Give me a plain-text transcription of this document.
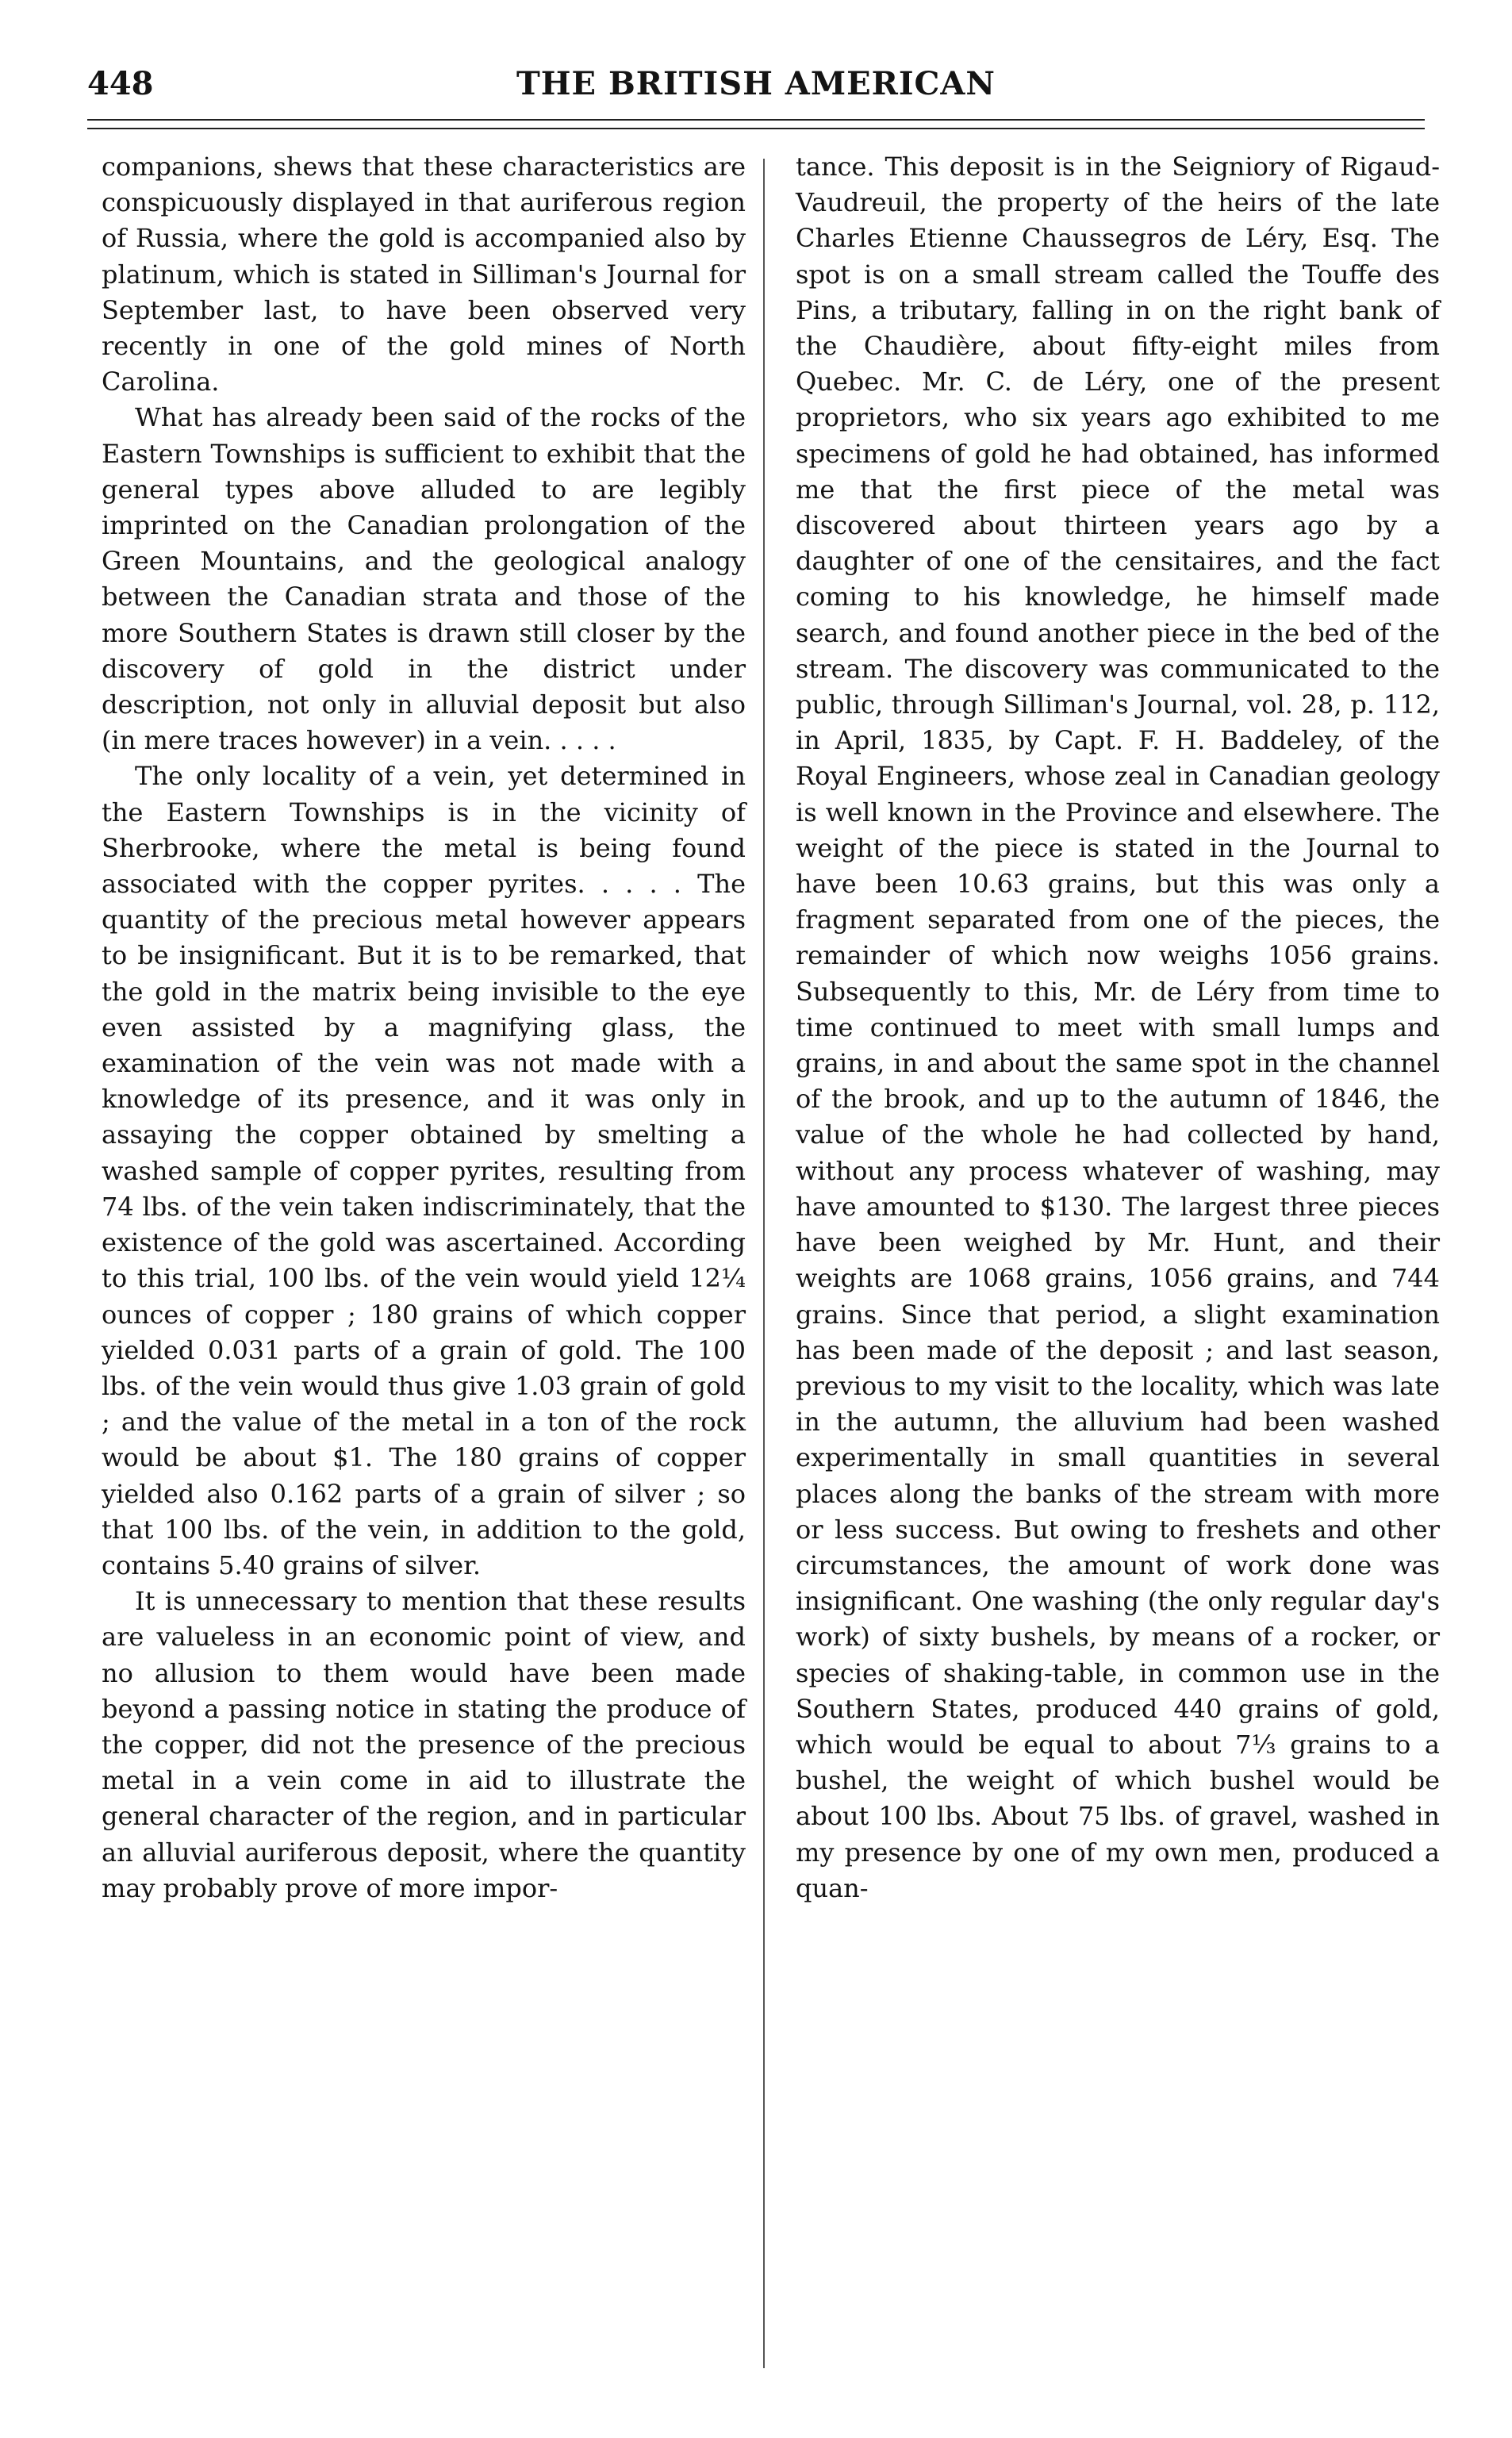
448	THE BRITISH AMERICAN

companions, shews that these characteristics are conspicuously displayed in that auriferous region of Russia, where the gold is accompanied also by platinum, which is stated in Silliman's Journal for September last, to have been observed very recently in one of the gold mines of North Carolina.

What has already been said of the rocks of the Eastern Townships is sufficient to exhibit that the general types above alluded to are legibly imprinted on the Canadian prolongation of the Green Mountains, and the geological analogy between the Canadian strata and those of the more Southern States is drawn still closer by the discovery of gold in the district under description, not only in alluvial deposit but also (in mere traces however) in a vein. . . . .

The only locality of a vein, yet determined in the Eastern Townships is in the vicinity of Sherbrooke, where the metal is being found associated with the copper pyrites. . . . . The quantity of the precious metal however appears to be insignificant. But it is to be remarked, that the gold in the matrix being invisible to the eye even assisted by a magnifying glass, the examination of the vein was not made with a knowledge of its presence, and it was only in assaying the copper obtained by smelting a washed sample of copper pyrites, resulting from 74 lbs. of the vein taken indiscriminately, that the existence of the gold was ascertained. According to this trial, 100 lbs. of the vein would yield 12¼ ounces of copper ; 180 grains of which copper yielded 0.031 parts of a grain of gold. The 100 lbs. of the vein would thus give 1.03 grain of gold ; and the value of the metal in a ton of the rock would be about $1. The 180 grains of copper yielded also 0.162 parts of a grain of silver ; so that 100 lbs. of the vein, in addition to the gold, contains 5.40 grains of silver.

It is unnecessary to mention that these results are valueless in an economic point of view, and no allusion to them would have been made beyond a passing notice in stating the produce of the copper, did not the presence of the precious metal in a vein come in aid to illustrate the general character of the region, and in particular an alluvial auriferous deposit, where the quantity may probably prove of more impor-

tance. This deposit is in the Seigniory of Rigaud-Vaudreuil, the property of the heirs of the late Charles Etienne Chaussegros de Léry, Esq. The spot is on a small stream called the Touffe des Pins, a tributary, falling in on the right bank of the Chaudière, about fifty-eight miles from Quebec. Mr. C. de Léry, one of the present proprietors, who six years ago exhibited to me specimens of gold he had obtained, has informed me that the first piece of the metal was discovered about thirteen years ago by a daughter of one of the censitaires, and the fact coming to his knowledge, he himself made search, and found another piece in the bed of the stream. The discovery was communicated to the public, through Silliman's Journal, vol. 28, p. 112, in April, 1835, by Capt. F. H. Baddeley, of the Royal Engineers, whose zeal in Canadian geology is well known in the Province and elsewhere. The weight of the piece is stated in the Journal to have been 10.63 grains, but this was only a fragment separated from one of the pieces, the remainder of which now weighs 1056 grains. Subsequently to this, Mr. de Léry from time to time continued to meet with small lumps and grains, in and about the same spot in the channel of the brook, and up to the autumn of 1846, the value of the whole he had collected by hand, without any process whatever of washing, may have amounted to $130. The largest three pieces have been weighed by Mr. Hunt, and their weights are 1068 grains, 1056 grains, and 744 grains. Since that period, a slight examination has been made of the deposit ; and last season, previous to my visit to the locality, which was late in the autumn, the alluvium had been washed experimentally in small quantities in several places along the banks of the stream with more or less success. But owing to freshets and other circumstances, the amount of work done was insignificant. One washing (the only regular day's work) of sixty bushels, by means of a rocker, or species of shaking-table, in common use in the Southern States, produced 440 grains of gold, which would be equal to about 7⅓ grains to a bushel, the weight of which bushel would be about 100 lbs. About 75 lbs. of gravel, washed in my presence by one of my own men, produced a quan-
